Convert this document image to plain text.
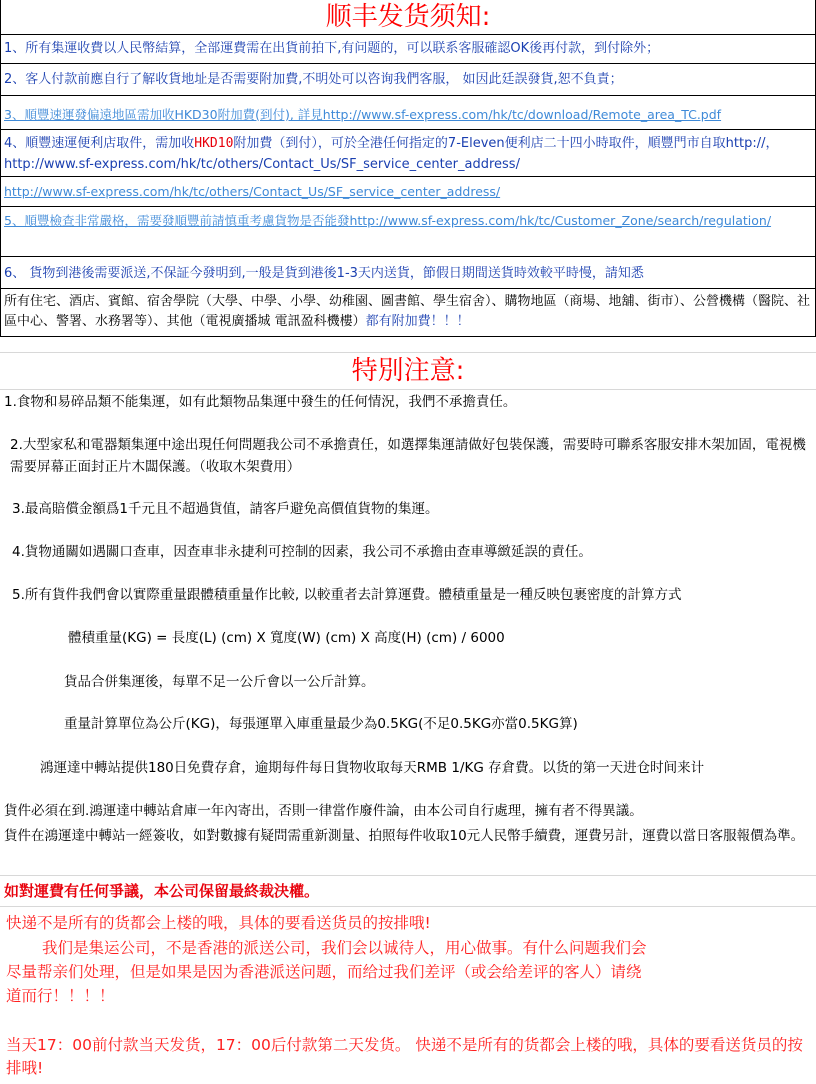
顺丰发货须知:
1、所有集運收費以人民幣結算，全部運費需在出貨前拍下,有问题的，可以联系客服確認OK後再付款，到付除外；
2、客人付款前應自行了解收貨地址是否需要附加費,不明处可以咨询我們客服， 如因此廷誤發貨,恕不負責；
3、順豐速運發偏遠地區需加收HKD30附加費(到付), 詳見http://www.sf-express.com/hk/tc/download/Remote_area_TC.pdf
4、順豐速運便利店取件，需加收HKD10附加費（到付），可於全港任何指定的7-Eleven便利店二十四小時取件，順豐門市自取http://，http://www.sf-express.com/hk/tc/others/Contact_Us/SF_service_center_address/
http://www.sf-express.com/hk/tc/others/Contact_Us/SF_service_center_address/
5、順豐檢查非常嚴格，需要發順豐前請慎重考慮貨物是否能發http://www.sf-express.com/hk/tc/Customer_Zone/search/regulation/
6、 貨物到港後需要派送,不保証今發明到,一般是貨到港後1-3天内送貨，節假日期間送貨時效較平時慢，請知悉
所有住宅、酒店、賓館、宿舍學院（大學、中學、小學、幼稚園、圖書館、學生宿舍）、購物地區（商場、地舖、街市）、公營機構（醫院、社區中心、警署、水務署等）、其他（電視廣播城 電訊盈科機樓）都有附加費！！！
特別注意:
1.食物和易碎品類不能集運，如有此類物品集運中發生的任何情況，我們不承擔責任。
2.大型家私和電器類集運中途出現任何問題我公司不承擔責任，如選擇集運請做好包裝保護，需要時可聯系客服安排木架加固，電視機需要屏幕正面封正片木闆保護。（收取木架費用）
3.最高賠償金額爲1千元且不超過貨值，請客戶避免高價值貨物的集運。
4.貨物通關如遇關口查車，因查車非永捷利可控制的因素，我公司不承擔由查車導緻延誤的責任。
5.所有貨件我們會以實際重量跟體積重量作比較, 以較重者去計算運費。體積重量是一種反映包裹密度的計算方式
體積重量(KG) = 長度(L) (cm) X 寬度(W) (cm) X 高度(H) (cm) / 6000
貨品合併集運後，每單不足一公斤會以一公斤計算。
重量計算單位為公斤(KG)，每張運單入庫重量最少為0.5KG(不足0.5KG亦當0.5KG算)
鴻運達中轉站提供180日免費存倉，逾期每件每日貨物收取每天RMB 1/KG 存倉費。以货的第一天进仓时间来计
貨件必須在到.鴻運達中轉站倉庫一年內寄出，否則一律當作廢件論，由本公司自行處理，擁有者不得異議。
貨件在鴻運達中轉站一經簽收，如對數據有疑問需重新測量、拍照每件收取10元人民幣手續費，運費另計，運費以當日客服報價為準。
如對運費有任何爭議，本公司保留最終裁決權。
快递不是所有的货都会上楼的哦，具体的要看送货员的按排哦!
我们是集运公司，不是香港的派送公司，我们会以诚待人，用心做事。有什么问题我们会尽量帮亲们处理，但是如果是因为香港派送问题，而给过我们差评（或会给差评的客人）请绕道而行！！！！
当天17：00前付款当天发货，17：00后付款第二天发货。 快递不是所有的货都会上楼的哦，具体的要看送货员的按排哦!
